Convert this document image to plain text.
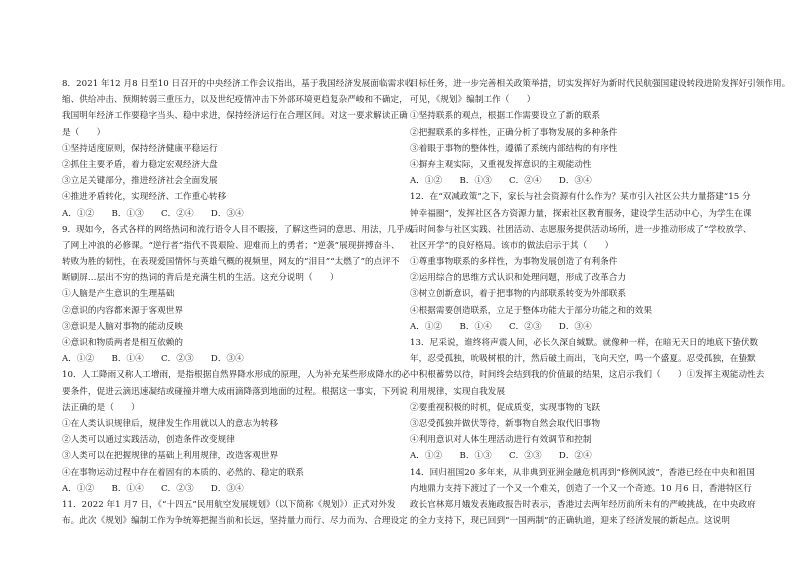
8．2021 年12 月8 日至10 日召开的中央经济工作会议指出，基于我国经济发展面临需求收
缩、供给冲击、预期转弱三重压力，以及世纪疫情冲击下外部环境更趋复杂严峻和不确定，
我国明年经济工作要稳字当头、稳中求进，保持经济运行在合理区间。对这一要求解读正确
是（　　）
①坚持适度原则，保持经济健康平稳运行
②抓住主要矛盾，着力稳定宏观经济大盘
③立足关键部分，推进经济社会全面发展
④推进矛盾转化，实现经济、工作重心转移
A．①②　　B．①③　　C．②④　　D．③④
9．现如今，各式各样的网络热词和流行语令人目不暇接，了解这些词的意思、用法，几乎成
了网上冲浪的必修课。“逆行者”指代不畏艰险、迎难而上的勇者；“逆袭”展现拼搏奋斗、
转败为胜的韧性，在表现爱国情怀与英雄气概的视频里，网友的“泪目”“太燃了”的点评不
断刷屏…层出不穷的热词的背后是充满生机的生活。这充分说明（　　）
①人脑是产生意识的生理基础
②意识的内容都来源于客观世界
③意识是人脑对事物的能动反映
④意识和物质两者是相互依赖的
A．①②　　B．①④　　C．②③　　D．③④
10．人工降雨又称人工增雨，是指根据自然界降水形成的原理，人为补充某些形成降水的必
要条件，促进云滴迅速凝结或碰撞并增大成雨滴降落到地面的过程。根据这一事实，下列说
法正确的是（　　）
①在人类认识规律后，规律发生作用就以人的意志为转移
②人类可以通过实践活动，创造条件改变规律
③人类可以在把握规律的基础上利用规律，改造客观世界
④在事物运动过程中存在着固有的本质的、必然的、稳定的联系
A．①②　　B．①④　　C．②③　　D．③④
11．2022 年1 月7 日，《“十四五”民用航空发展规划》（以下简称《规划》）正式对外发
布。此次《规划》编制工作为争统筹把握当前和长远，坚持量力而行、尽力而为、合理设定
目标任务，进一步完善相关政策举措，切实发挥好为新时代民航强国建设转段进阶发挥好引领作用。
可见，《规划》编制工作（　　）
①坚持联系的观点，根据工作需要设立了新的联系
②把握联系的多样性，正确分析了事物发展的多种条件
③着眼于事物的整体性，遵循了系统内部结构的有序性
④摒弃主观实际，又重视发挥意识的主观能动性
A．①②　　B．①③　　C．②④　　D．③④
12．在“双减政策”之下，家长与社会资源有什么作为？某市引入社区公共力量搭建“15 分
钟幸福圈”，发挥社区各方资源力量，探索社区教育服务，建设学生活动中心，为学生在课
后时间参与社区实践、社团活动、志愿服务提供活动场所，进一步推动形成了“学校放学、
社区开学”的良好格局。该市的做法启示于其（　　）
①尊重事物联系的多样性，为事物发展创造了有利条件
②运用综合的思维方式认识和处理问题，形成了改革合力
③树立创新意识，着于把事物的内部联系转变为外部联系
④根据需要创造联系，立足于整体功能大于部分功能之和的效果
A．①②　　B．①④　　C．②③　　D．③④
13．尼采说，谁终将声震人间，必长久深自缄默。就像种一样，在暗无天日的地底下蛰伏数
年，忍受孤独，吮吸树根的汁，然后破土而出，飞向天空，鸣一个盛夏。忍受孤独，在蛰默
中积根蓄势以待，时间终会结到我的价值最的结果，这启示我们（　　）①发挥主观能动性去
利用规律，实现自我发展
②要重视积极的时机，促成质变，实现事物的飞跃
③忍受孤独并做伏等待，新事物自然会取代旧事物
④利用意识对人体生理活动进行有效调节和控制
A．①②　　B．①③　　C．②③　　D．②④
14．回归祖国20 多年来，从非典到亚洲金融危机再到“修例风波”，香港已经在中央和祖国
内地鼎力支持下渡过了一个又一个难关，创造了一个又一个奇迹。10 月6 日，香港特区行
政长官林郑月娥发表施政报告时表示，香港过去两年经历前所未有的严峻挑战，在中央政府
的全力支持下，现已回到“一国两制”的正确轨道，迎来了经济发展的新起点。这说明
